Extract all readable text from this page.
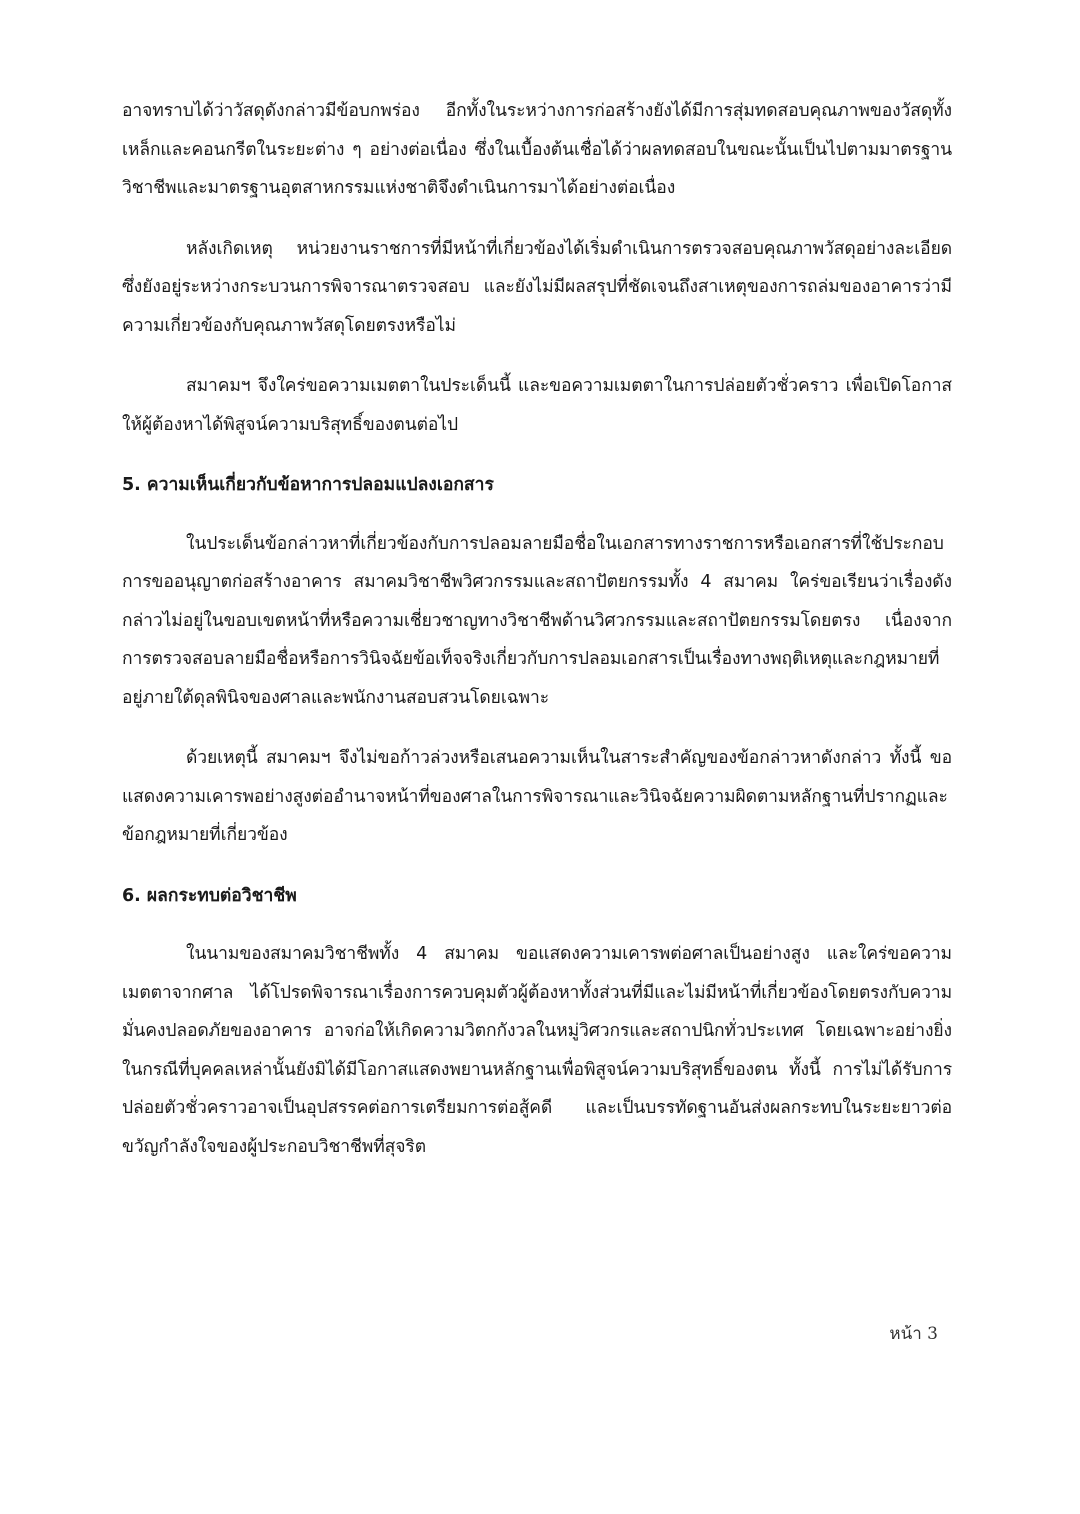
อาจทราบได้ว่าวัสดุดังกล่าวมีข้อบกพร่อง อีกทั้งในระหว่างการก่อสร้างยังได้มีการสุ่มทดสอบคุณภาพของวัสดุทั้งเหล็กและคอนกรีตในระยะต่าง ๆ อย่างต่อเนื่อง ซึ่งในเบื้องต้นเชื่อได้ว่าผลทดสอบในขณะนั้นเป็นไปตามมาตรฐานวิชาชีพและมาตรฐานอุตสาหกรรมแห่งชาติจึงดำเนินการมาได้อย่างต่อเนื่อง

หลังเกิดเหตุ หน่วยงานราชการที่มีหน้าที่เกี่ยวข้องได้เริ่มดำเนินการตรวจสอบคุณภาพวัสดุอย่างละเอียด ซึ่งยังอยู่ระหว่างกระบวนการพิจารณาตรวจสอบ และยังไม่มีผลสรุปที่ชัดเจนถึงสาเหตุของการถล่มของอาคารว่ามีความเกี่ยวข้องกับคุณภาพวัสดุโดยตรงหรือไม่

สมาคมฯ จึงใคร่ขอความเมตตาในประเด็นนี้ และขอความเมตตาในการปล่อยตัวชั่วคราว เพื่อเปิดโอกาสให้ผู้ต้องหาได้พิสูจน์ความบริสุทธิ์ของตนต่อไป

5. ความเห็นเกี่ยวกับข้อหาการปลอมแปลงเอกสาร

ในประเด็นข้อกล่าวหาที่เกี่ยวข้องกับการปลอมลายมือชื่อในเอกสารทางราชการหรือเอกสารที่ใช้ประกอบการขออนุญาตก่อสร้างอาคาร สมาคมวิชาชีพวิศวกรรมและสถาปัตยกรรมทั้ง 4 สมาคม ใคร่ขอเรียนว่าเรื่องดังกล่าวไม่อยู่ในขอบเขตหน้าที่หรือความเชี่ยวชาญทางวิชาชีพด้านวิศวกรรมและสถาปัตยกรรมโดยตรง เนื่องจากการตรวจสอบลายมือชื่อหรือการวินิจฉัยข้อเท็จจริงเกี่ยวกับการปลอมเอกสารเป็นเรื่องทางพฤติเหตุและกฎหมายที่อยู่ภายใต้ดุลพินิจของศาลและพนักงานสอบสวนโดยเฉพาะ

ด้วยเหตุนี้ สมาคมฯ จึงไม่ขอก้าวล่วงหรือเสนอความเห็นในสาระสำคัญของข้อกล่าวหาดังกล่าว ทั้งนี้ ขอแสดงความเคารพอย่างสูงต่ออำนาจหน้าที่ของศาลในการพิจารณาและวินิจฉัยความผิดตามหลักฐานที่ปรากฏและข้อกฎหมายที่เกี่ยวข้อง

6. ผลกระทบต่อวิชาชีพ

ในนามของสมาคมวิชาชีพทั้ง 4 สมาคม ขอแสดงความเคารพต่อศาลเป็นอย่างสูง และใคร่ขอความเมตตาจากศาล ได้โปรดพิจารณาเรื่องการควบคุมตัวผู้ต้องหาทั้งส่วนที่มีและไม่มีหน้าที่เกี่ยวข้องโดยตรงกับความมั่นคงปลอดภัยของอาคาร อาจก่อให้เกิดความวิตกกังวลในหมู่วิศวกรและสถาปนิกทั่วประเทศ โดยเฉพาะอย่างยิ่งในกรณีที่บุคคลเหล่านั้นยังมิได้มีโอกาสแสดงพยานหลักฐานเพื่อพิสูจน์ความบริสุทธิ์ของตน ทั้งนี้ การไม่ได้รับการปล่อยตัวชั่วคราวอาจเป็นอุปสรรคต่อการเตรียมการต่อสู้คดี และเป็นบรรทัดฐานอันส่งผลกระทบในระยะยาวต่อขวัญกำลังใจของผู้ประกอบวิชาชีพที่สุจริต

หน้า 3
